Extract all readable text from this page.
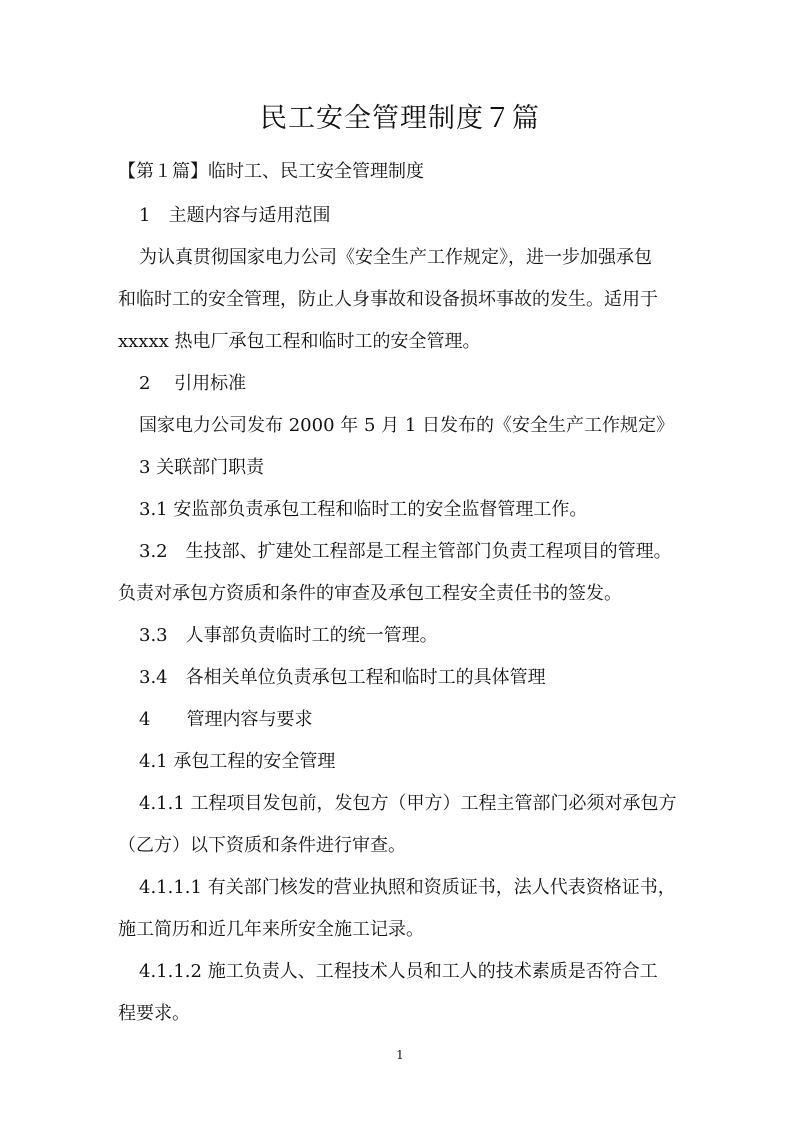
民工安全管理制度７篇

【第１篇】临时工、民工安全管理制度

1　主题内容与适用范围

为认真贯彻国家电力公司《安全生产工作规定》，进一步加强承包

和临时工的安全管理，防止人身事故和设备损坏事故的发生。适用于

xxxxx 热电厂承包工程和临时工的安全管理。

2　 引用标准

国家电力公司发布 2000 年 5 月 1 日发布的《安全生产工作规定》

3 关联部门职责

3.1 安监部负责承包工程和临时工的安全监督管理工作。

3.2　生技部、扩建处工程部是工程主管部门负责工程项目的管理。

负责对承包方资质和条件的审查及承包工程安全责任书的签发。

3.3　人事部负责临时工的统一管理。

3.4　各相关单位负责承包工程和临时工的具体管理

4　　管理内容与要求

4.1 承包工程的安全管理

4.1.1 工程项目发包前，发包方（甲方）工程主管部门必须对承包方

（乙方）以下资质和条件进行审查。

4.1.1.1 有关部门核发的营业执照和资质证书，法人代表资格证书，

施工简历和近几年来所安全施工记录。

4.1.1.2 施工负责人、工程技术人员和工人的技术素质是否符合工

程要求。

1
